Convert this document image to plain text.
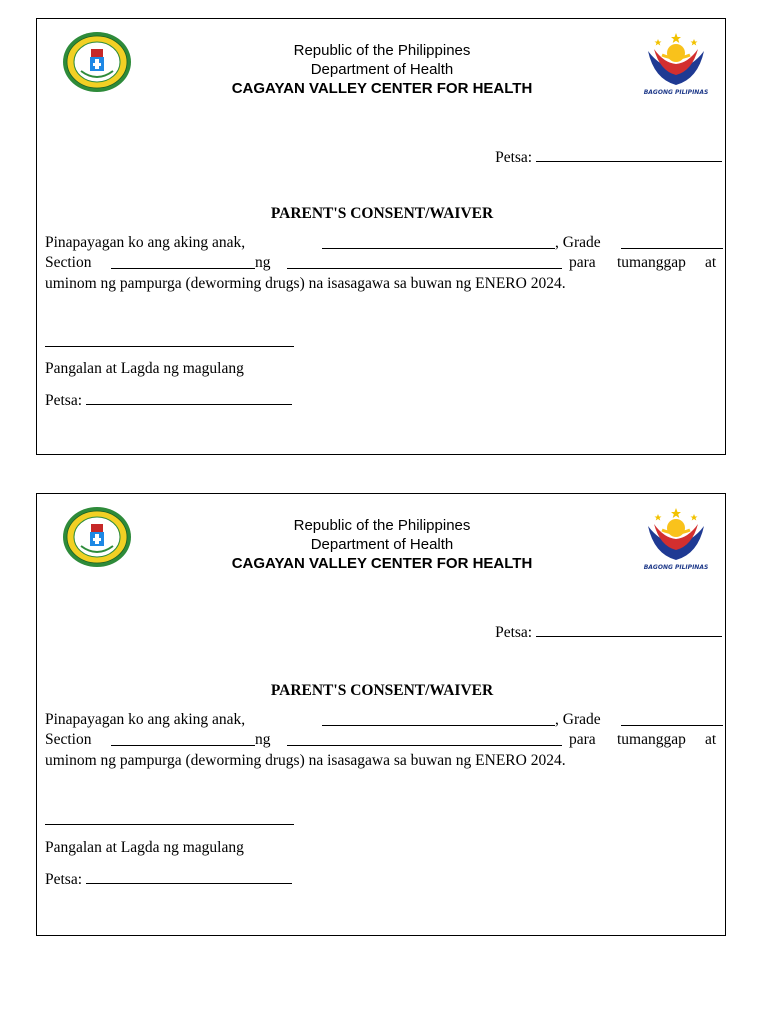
BAGONG PILIPINAS
Republic of the Philippines
Department of Health
CAGAYAN VALLEY CENTER FOR HEALTH
Petsa:
PARENT'S CONSENT/WAIVER
Pinapayagan ko ang aking anak,	, Grade
Section	ng	para tumanggap at
uminom ng pampurga (deworming drugs) na isasagawa sa buwan ng ENERO 2024.
Pangalan at Lagda ng magulang
Petsa:
BAGONG PILIPINAS
Republic of the Philippines
Department of Health
CAGAYAN VALLEY CENTER FOR HEALTH
Petsa:
PARENT'S CONSENT/WAIVER
Pinapayagan ko ang aking anak,	, Grade
Section	ng	para tumanggap at
uminom ng pampurga (deworming drugs) na isasagawa sa buwan ng ENERO 2024.
Pangalan at Lagda ng magulang
Petsa:
